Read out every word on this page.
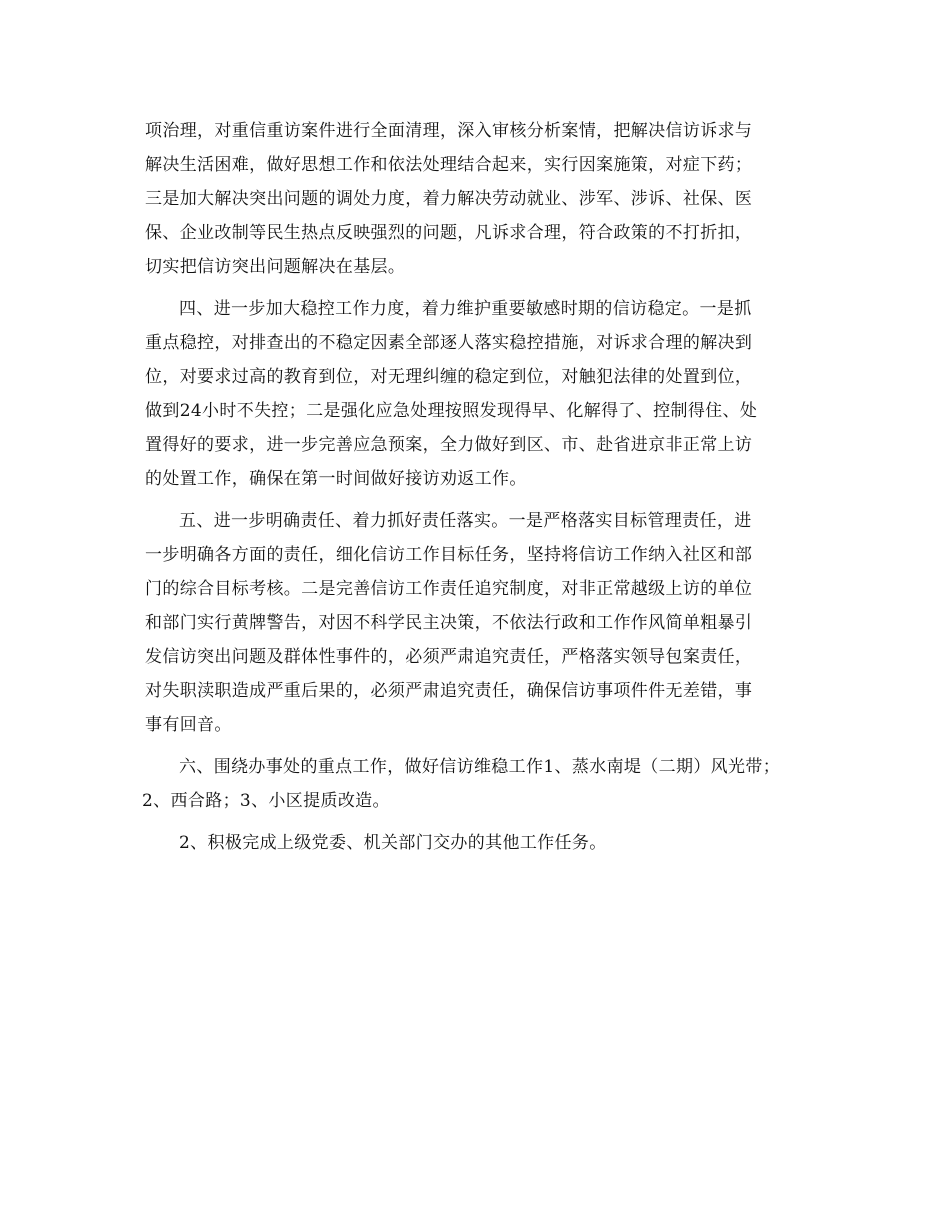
项治理，对重信重访案件进行全面清理，深入审核分析案情，把解决信访诉求与
解决生活困难，做好思想工作和依法处理结合起来，实行因案施策，对症下药；
三是加大解决突出问题的调处力度，着力解决劳动就业、涉军、涉诉、社保、医
保、企业改制等民生热点反映强烈的问题，凡诉求合理，符合政策的不打折扣，
切实把信访突出问题解决在基层。
四、进一步加大稳控工作力度，着力维护重要敏感时期的信访稳定。一是抓
重点稳控，对排查出的不稳定因素全部逐人落实稳控措施，对诉求合理的解决到
位，对要求过高的教育到位，对无理纠缠的稳定到位，对触犯法律的处置到位，
做到24小时不失控；二是强化应急处理按照发现得早、化解得了、控制得住、处
置得好的要求，进一步完善应急预案，全力做好到区、市、赴省进京非正常上访
的处置工作，确保在第一时间做好接访劝返工作。
五、进一步明确责任、着力抓好责任落实。一是严格落实目标管理责任，进
一步明确各方面的责任，细化信访工作目标任务，坚持将信访工作纳入社区和部
门的综合目标考核。二是完善信访工作责任追究制度，对非正常越级上访的单位
和部门实行黄牌警告，对因不科学民主决策，不依法行政和工作作风简单粗暴引
发信访突出问题及群体性事件的，必须严肃追究责任，严格落实领导包案责任，
对失职渎职造成严重后果的，必须严肃追究责任，确保信访事项件件无差错，事
事有回音。
六、围绕办事处的重点工作，做好信访维稳工作1、蒸水南堤（二期）风光带；
2、西合路；3、小区提质改造。
2、积极完成上级党委、机关部门交办的其他工作任务。
